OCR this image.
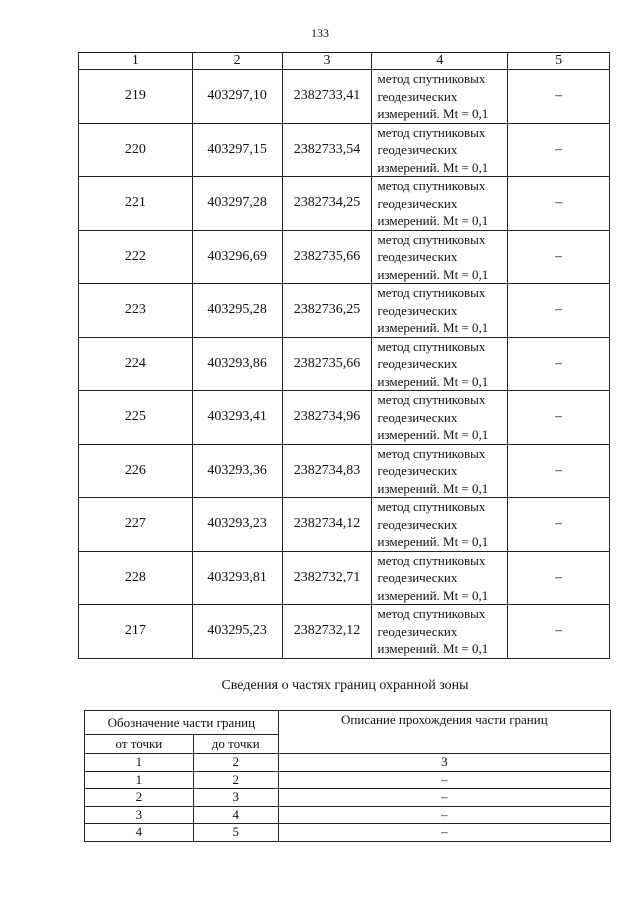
133
1	2	3	4	5
219	403297,10	2382733,41	метод спутниковых
геодезических
измерений. Mt = 0,1	–
220	403297,15	2382733,54	метод спутниковых
геодезических
измерений. Mt = 0,1	–
221	403297,28	2382734,25	метод спутниковых
геодезических
измерений. Mt = 0,1	–
222	403296,69	2382735,66	метод спутниковых
геодезических
измерений. Mt = 0,1	–
223	403295,28	2382736,25	метод спутниковых
геодезических
измерений. Mt = 0,1	–
224	403293,86	2382735,66	метод спутниковых
геодезических
измерений. Mt = 0,1	–
225	403293,41	2382734,96	метод спутниковых
геодезических
измерений. Mt = 0,1	–
226	403293,36	2382734,83	метод спутниковых
геодезических
измерений. Mt = 0,1	–
227	403293,23	2382734,12	метод спутниковых
геодезических
измерений. Mt = 0,1	–
228	403293,81	2382732,71	метод спутниковых
геодезических
измерений. Mt = 0,1	–
217	403295,23	2382732,12	метод спутниковых
геодезических
измерений. Mt = 0,1	–
Сведения о частях границ охранной зоны
Обозначение части границ		Описание прохождения части границ
от точки	до точки	
1	2	3
1	2	–
2	3	–
3	4	–
4	5	–
